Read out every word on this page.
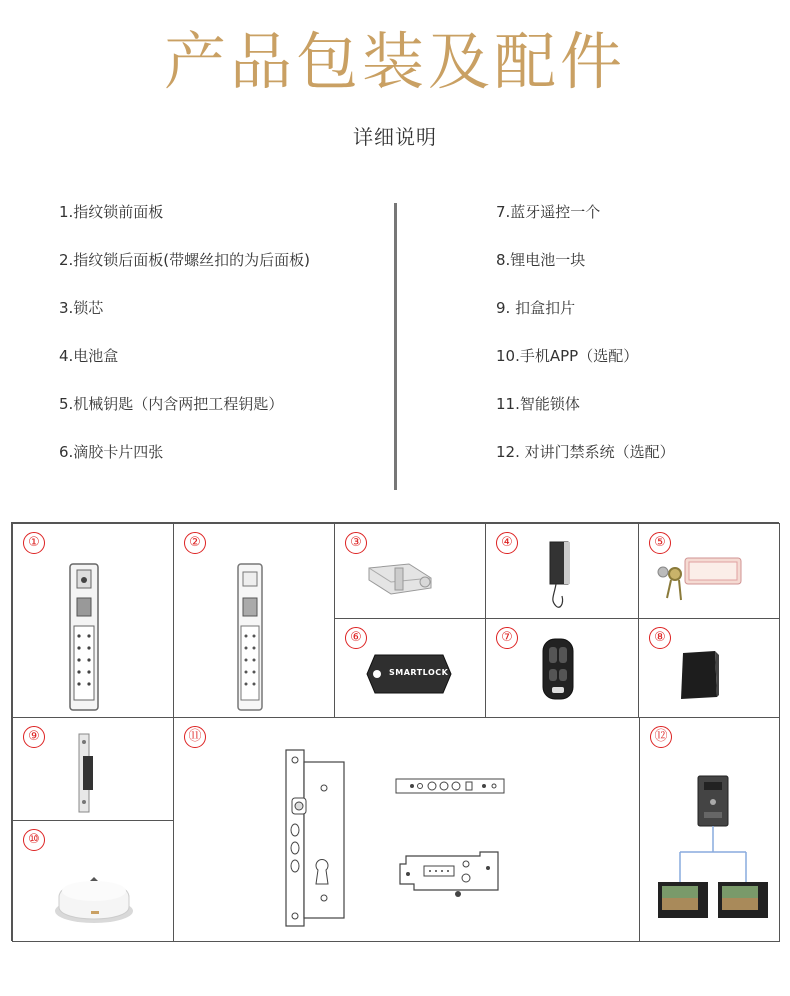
产品包装及配件
详细说明
1.指纹锁前面板
2.指纹锁后面板(带螺丝扣的为后面板)
3.锁芯
4.电池盒
5.机械钥匙（内含两把工程钥匙）
6.滴胶卡片四张
7.蓝牙遥控一个
8.锂电池一块
9. 扣盒扣片
10.手机APP（选配）
11.智能锁体
12. 对讲门禁系统（选配）
①	②	③	④	⑤
⑥
SMARTLOCK
⑦	⑧
⑨
⑩
⑪	⑫
